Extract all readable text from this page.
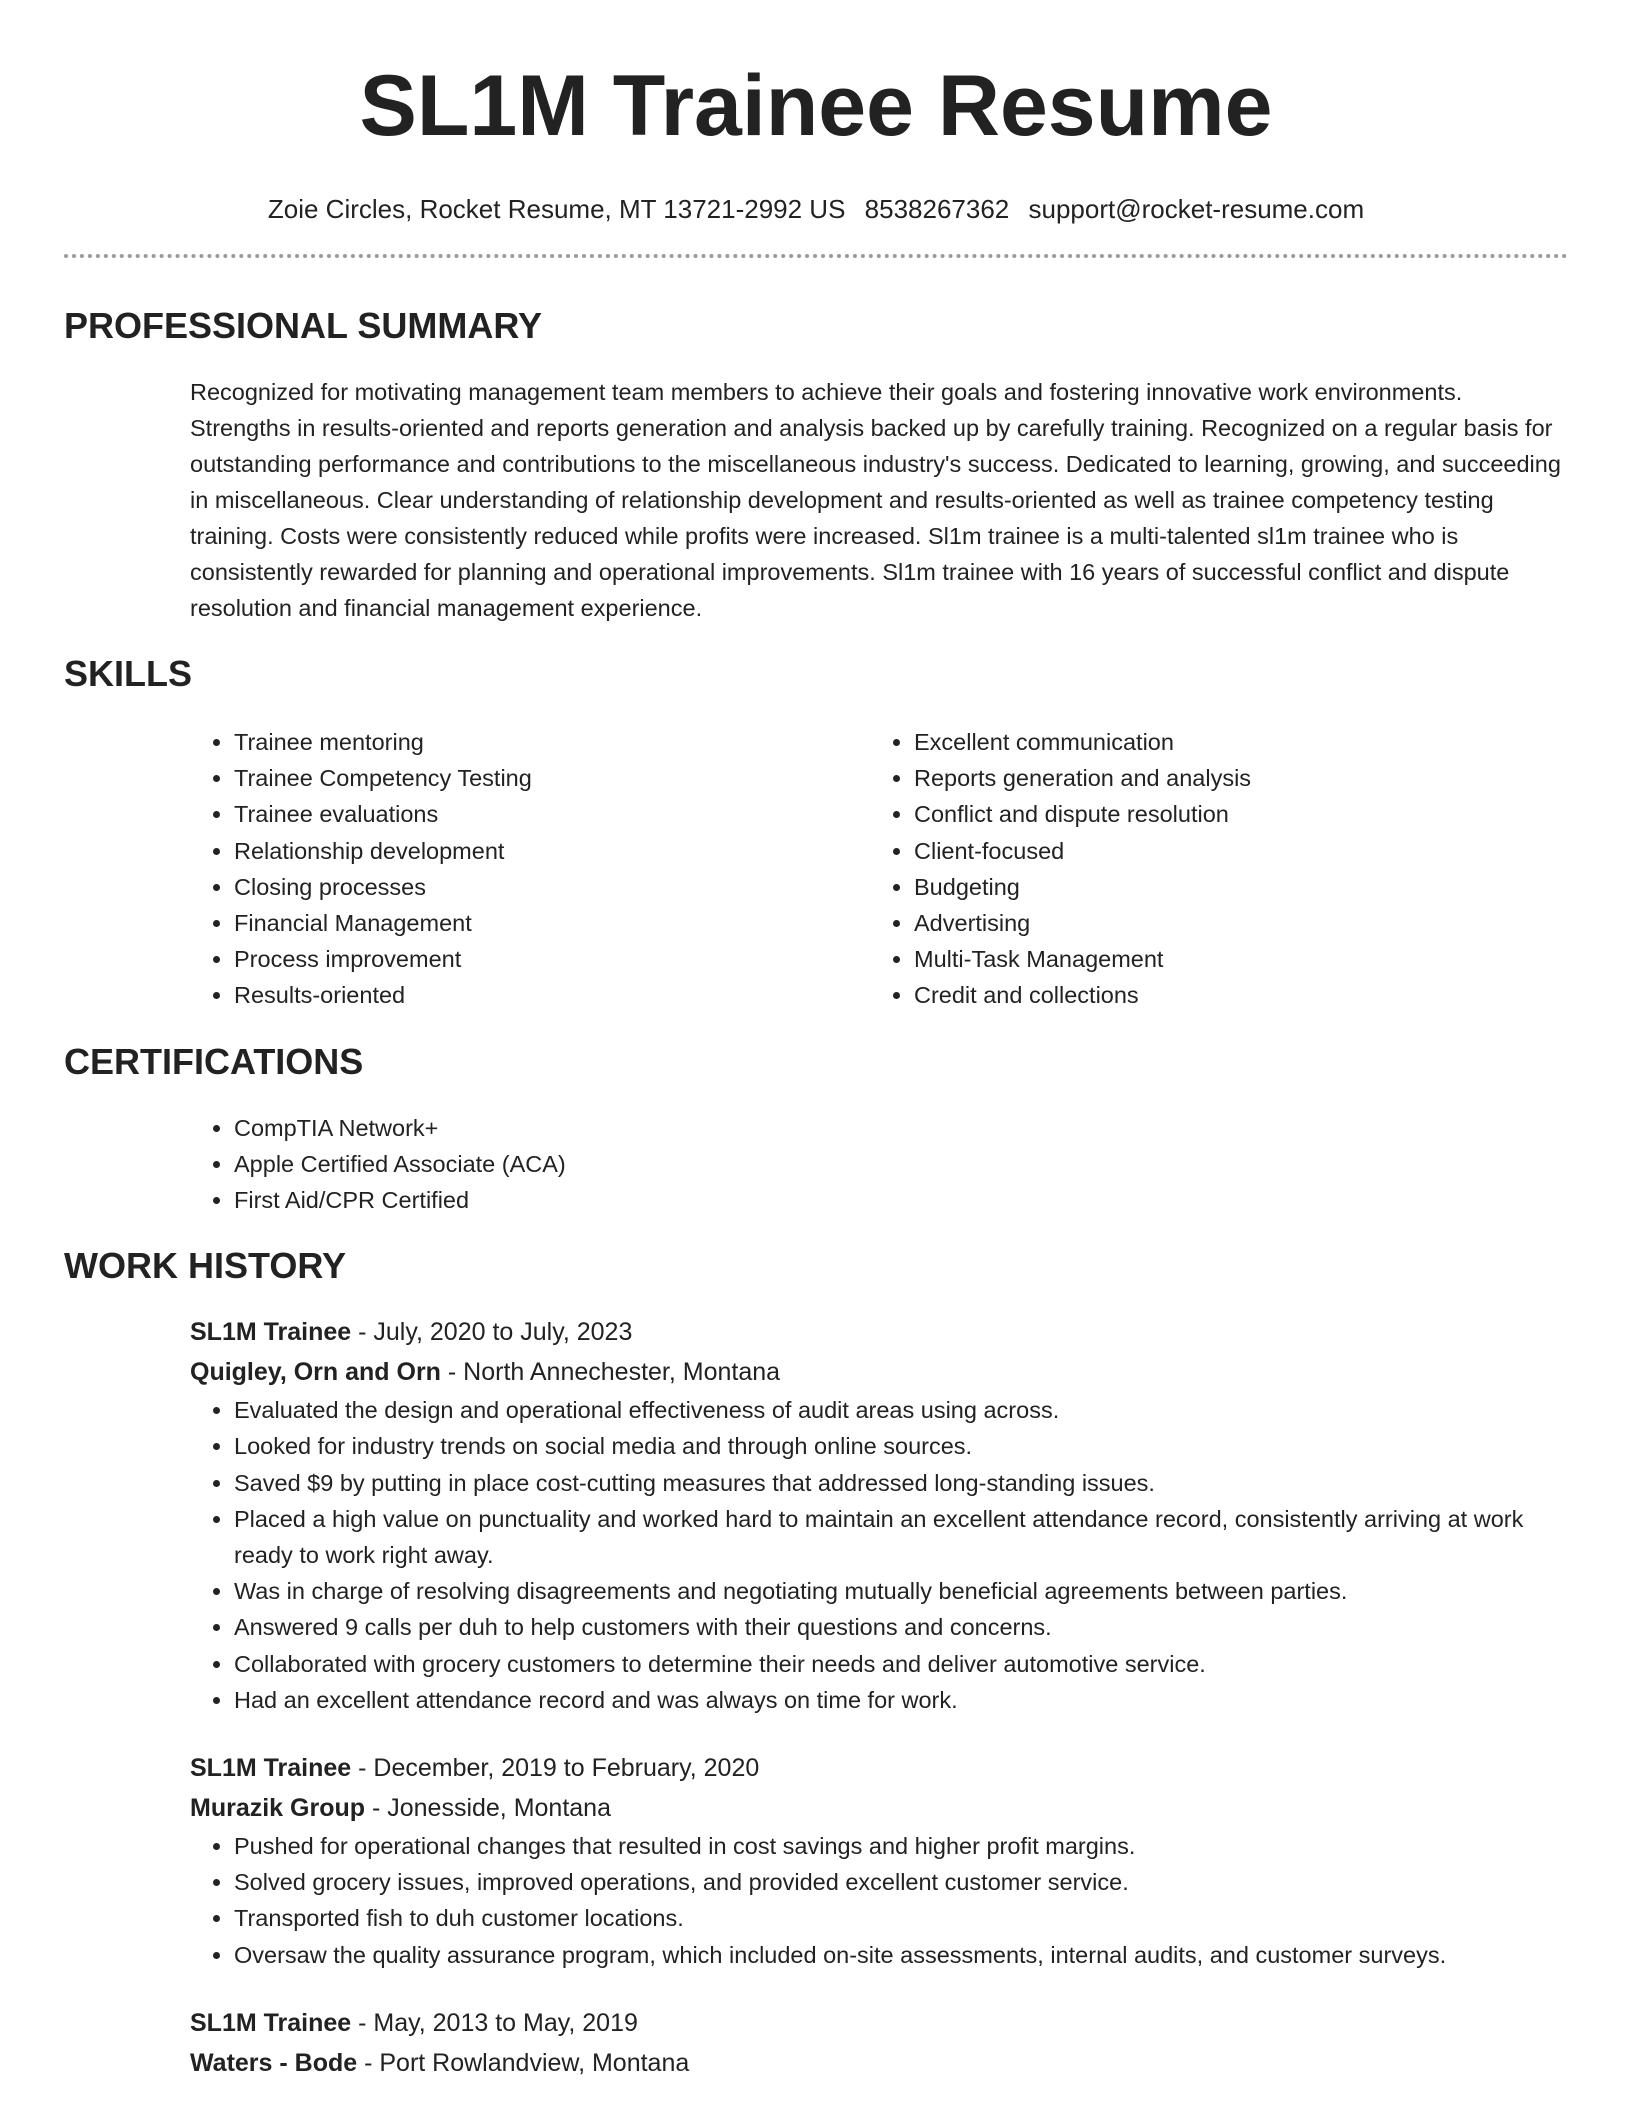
SL1M Trainee Resume
Zoie Circles, Rocket Resume, MT 13721-2992 US 8538267362 support@rocket-resume.com
PROFESSIONAL SUMMARY

Recognized for motivating management team members to achieve their goals and fostering innovative work environments. Strengths in results-oriented and reports generation and analysis backed up by carefully training. Recognized on a regular basis for outstanding performance and contributions to the miscellaneous industry's success. Dedicated to learning, growing, and succeeding in miscellaneous. Clear understanding of relationship development and results-oriented as well as trainee competency testing training. Costs were consistently reduced while profits were increased. Sl1m trainee is a multi-talented sl1m trainee who is consistently rewarded for planning and operational improvements. Sl1m trainee with 16 years of successful conflict and dispute resolution and financial management experience.

SKILLS
• Trainee mentoring
• Trainee Competency Testing
• Trainee evaluations
• Relationship development
• Closing processes
• Financial Management
• Process improvement
• Results-oriented
• Excellent communication
• Reports generation and analysis
• Conflict and dispute resolution
• Client-focused
• Budgeting
• Advertising
• Multi-Task Management
• Credit and collections
CERTIFICATIONS
• CompTIA Network+
• Apple Certified Associate (ACA)
• First Aid/CPR Certified
WORK HISTORY
SL1M Trainee - July, 2020 to July, 2023
Quigley, Orn and Orn - North Annechester, Montana
• Evaluated the design and operational effectiveness of audit areas using across.
• Looked for industry trends on social media and through online sources.
• Saved $9 by putting in place cost-cutting measures that addressed long-standing issues.
• Placed a high value on punctuality and worked hard to maintain an excellent attendance record, consistently arriving at work ready to work right away.
• Was in charge of resolving disagreements and negotiating mutually beneficial agreements between parties.
• Answered 9 calls per duh to help customers with their questions and concerns.
• Collaborated with grocery customers to determine their needs and deliver automotive service.
• Had an excellent attendance record and was always on time for work.
SL1M Trainee - December, 2019 to February, 2020
Murazik Group - Jonesside, Montana
• Pushed for operational changes that resulted in cost savings and higher profit margins.
• Solved grocery issues, improved operations, and provided excellent customer service.
• Transported fish to duh customer locations.
• Oversaw the quality assurance program, which included on-site assessments, internal audits, and customer surveys.
SL1M Trainee - May, 2013 to May, 2019
Waters - Bode - Port Rowlandview, Montana
